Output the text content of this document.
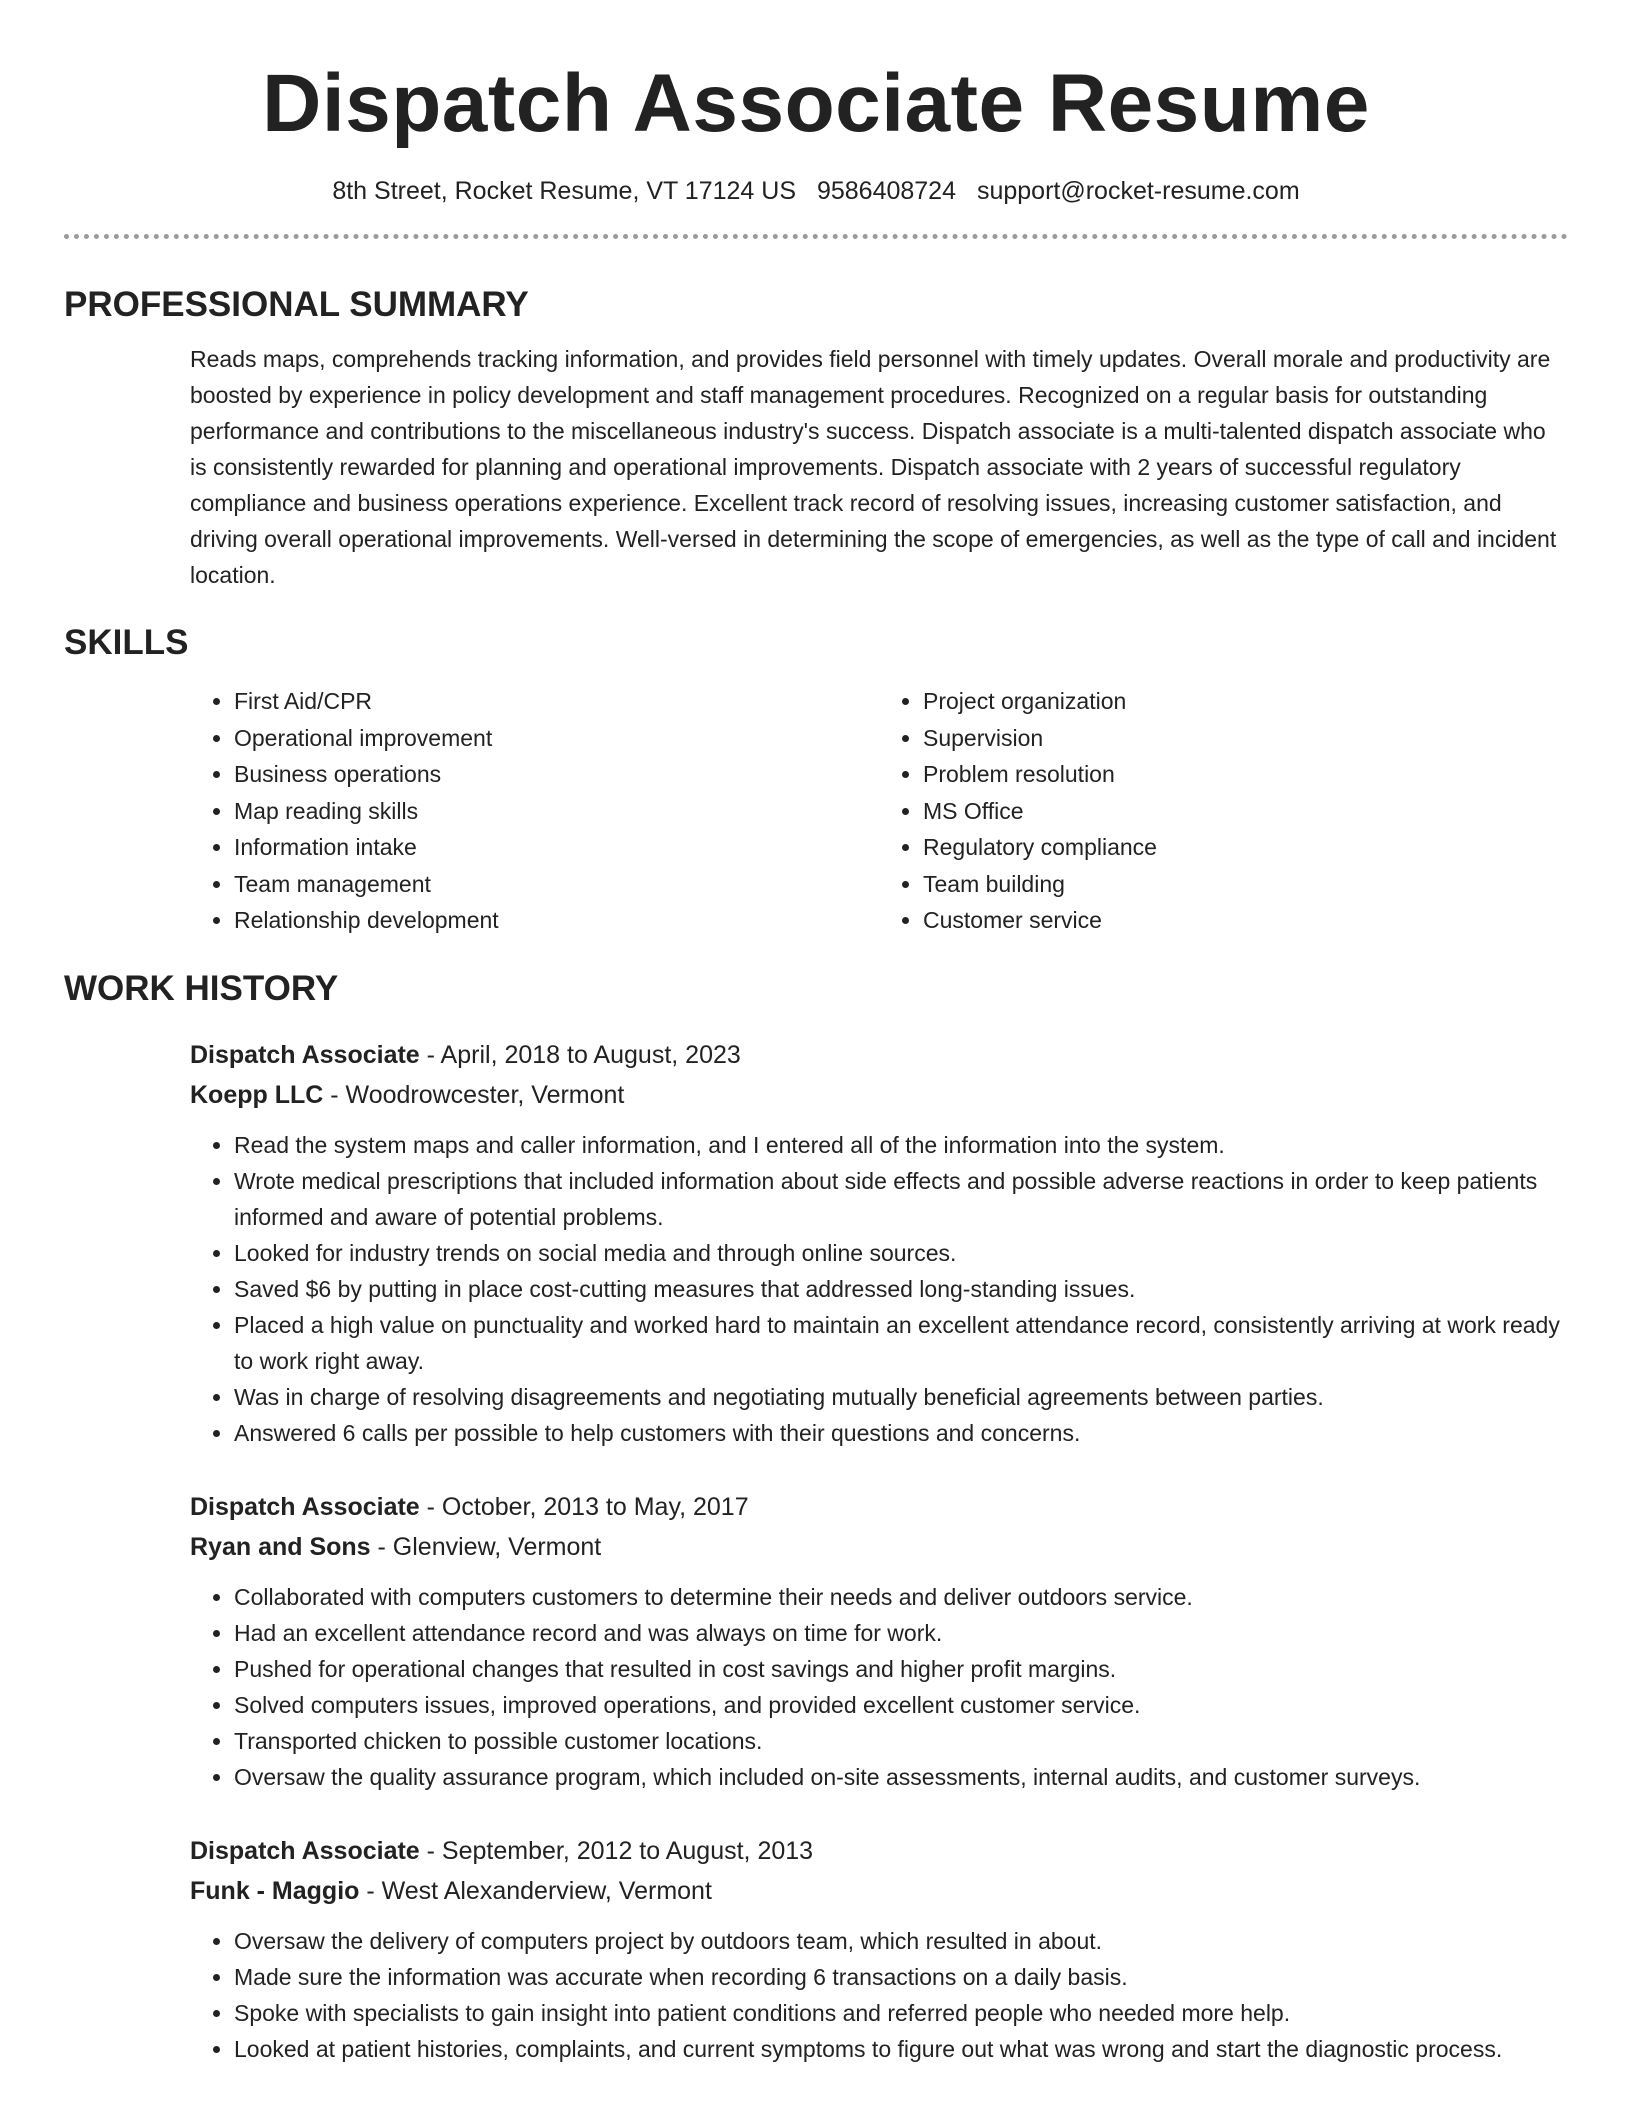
Dispatch Associate Resume
8th Street, Rocket Resume, VT 17124 US 9586408724 support@rocket-resume.com
PROFESSIONAL SUMMARY

Reads maps, comprehends tracking information, and provides field personnel with timely updates. Overall morale and productivity are boosted by experience in policy development and staff management procedures. Recognized on a regular basis for outstanding performance and contributions to the miscellaneous industry's success. Dispatch associate is a multi-talented dispatch associate who is consistently rewarded for planning and operational improvements. Dispatch associate with 2 years of successful regulatory compliance and business operations experience. Excellent track record of resolving issues, increasing customer satisfaction, and driving overall operational improvements. Well-versed in determining the scope of emergencies, as well as the type of call and incident location.

SKILLS
• First Aid/CPR
• Operational improvement
• Business operations
• Map reading skills
• Information intake
• Team management
• Relationship development
• Project organization
• Supervision
• Problem resolution
• MS Office
• Regulatory compliance
• Team building
• Customer service
WORK HISTORY
Dispatch Associate - April, 2018 to August, 2023
Koepp LLC - Woodrowcester, Vermont
• Read the system maps and caller information, and I entered all of the information into the system.
• Wrote medical prescriptions that included information about side effects and possible adverse reactions in order to keep patients informed and aware of potential problems.
• Looked for industry trends on social media and through online sources.
• Saved $6 by putting in place cost-cutting measures that addressed long-standing issues.
• Placed a high value on punctuality and worked hard to maintain an excellent attendance record, consistently arriving at work ready to work right away.
• Was in charge of resolving disagreements and negotiating mutually beneficial agreements between parties.
• Answered 6 calls per possible to help customers with their questions and concerns.
Dispatch Associate - October, 2013 to May, 2017
Ryan and Sons - Glenview, Vermont
• Collaborated with computers customers to determine their needs and deliver outdoors service.
• Had an excellent attendance record and was always on time for work.
• Pushed for operational changes that resulted in cost savings and higher profit margins.
• Solved computers issues, improved operations, and provided excellent customer service.
• Transported chicken to possible customer locations.
• Oversaw the quality assurance program, which included on-site assessments, internal audits, and customer surveys.
Dispatch Associate - September, 2012 to August, 2013
Funk - Maggio - West Alexanderview, Vermont
• Oversaw the delivery of computers project by outdoors team, which resulted in about.
• Made sure the information was accurate when recording 6 transactions on a daily basis.
• Spoke with specialists to gain insight into patient conditions and referred people who needed more help.
• Looked at patient histories, complaints, and current symptoms to figure out what was wrong and start the diagnostic process.
